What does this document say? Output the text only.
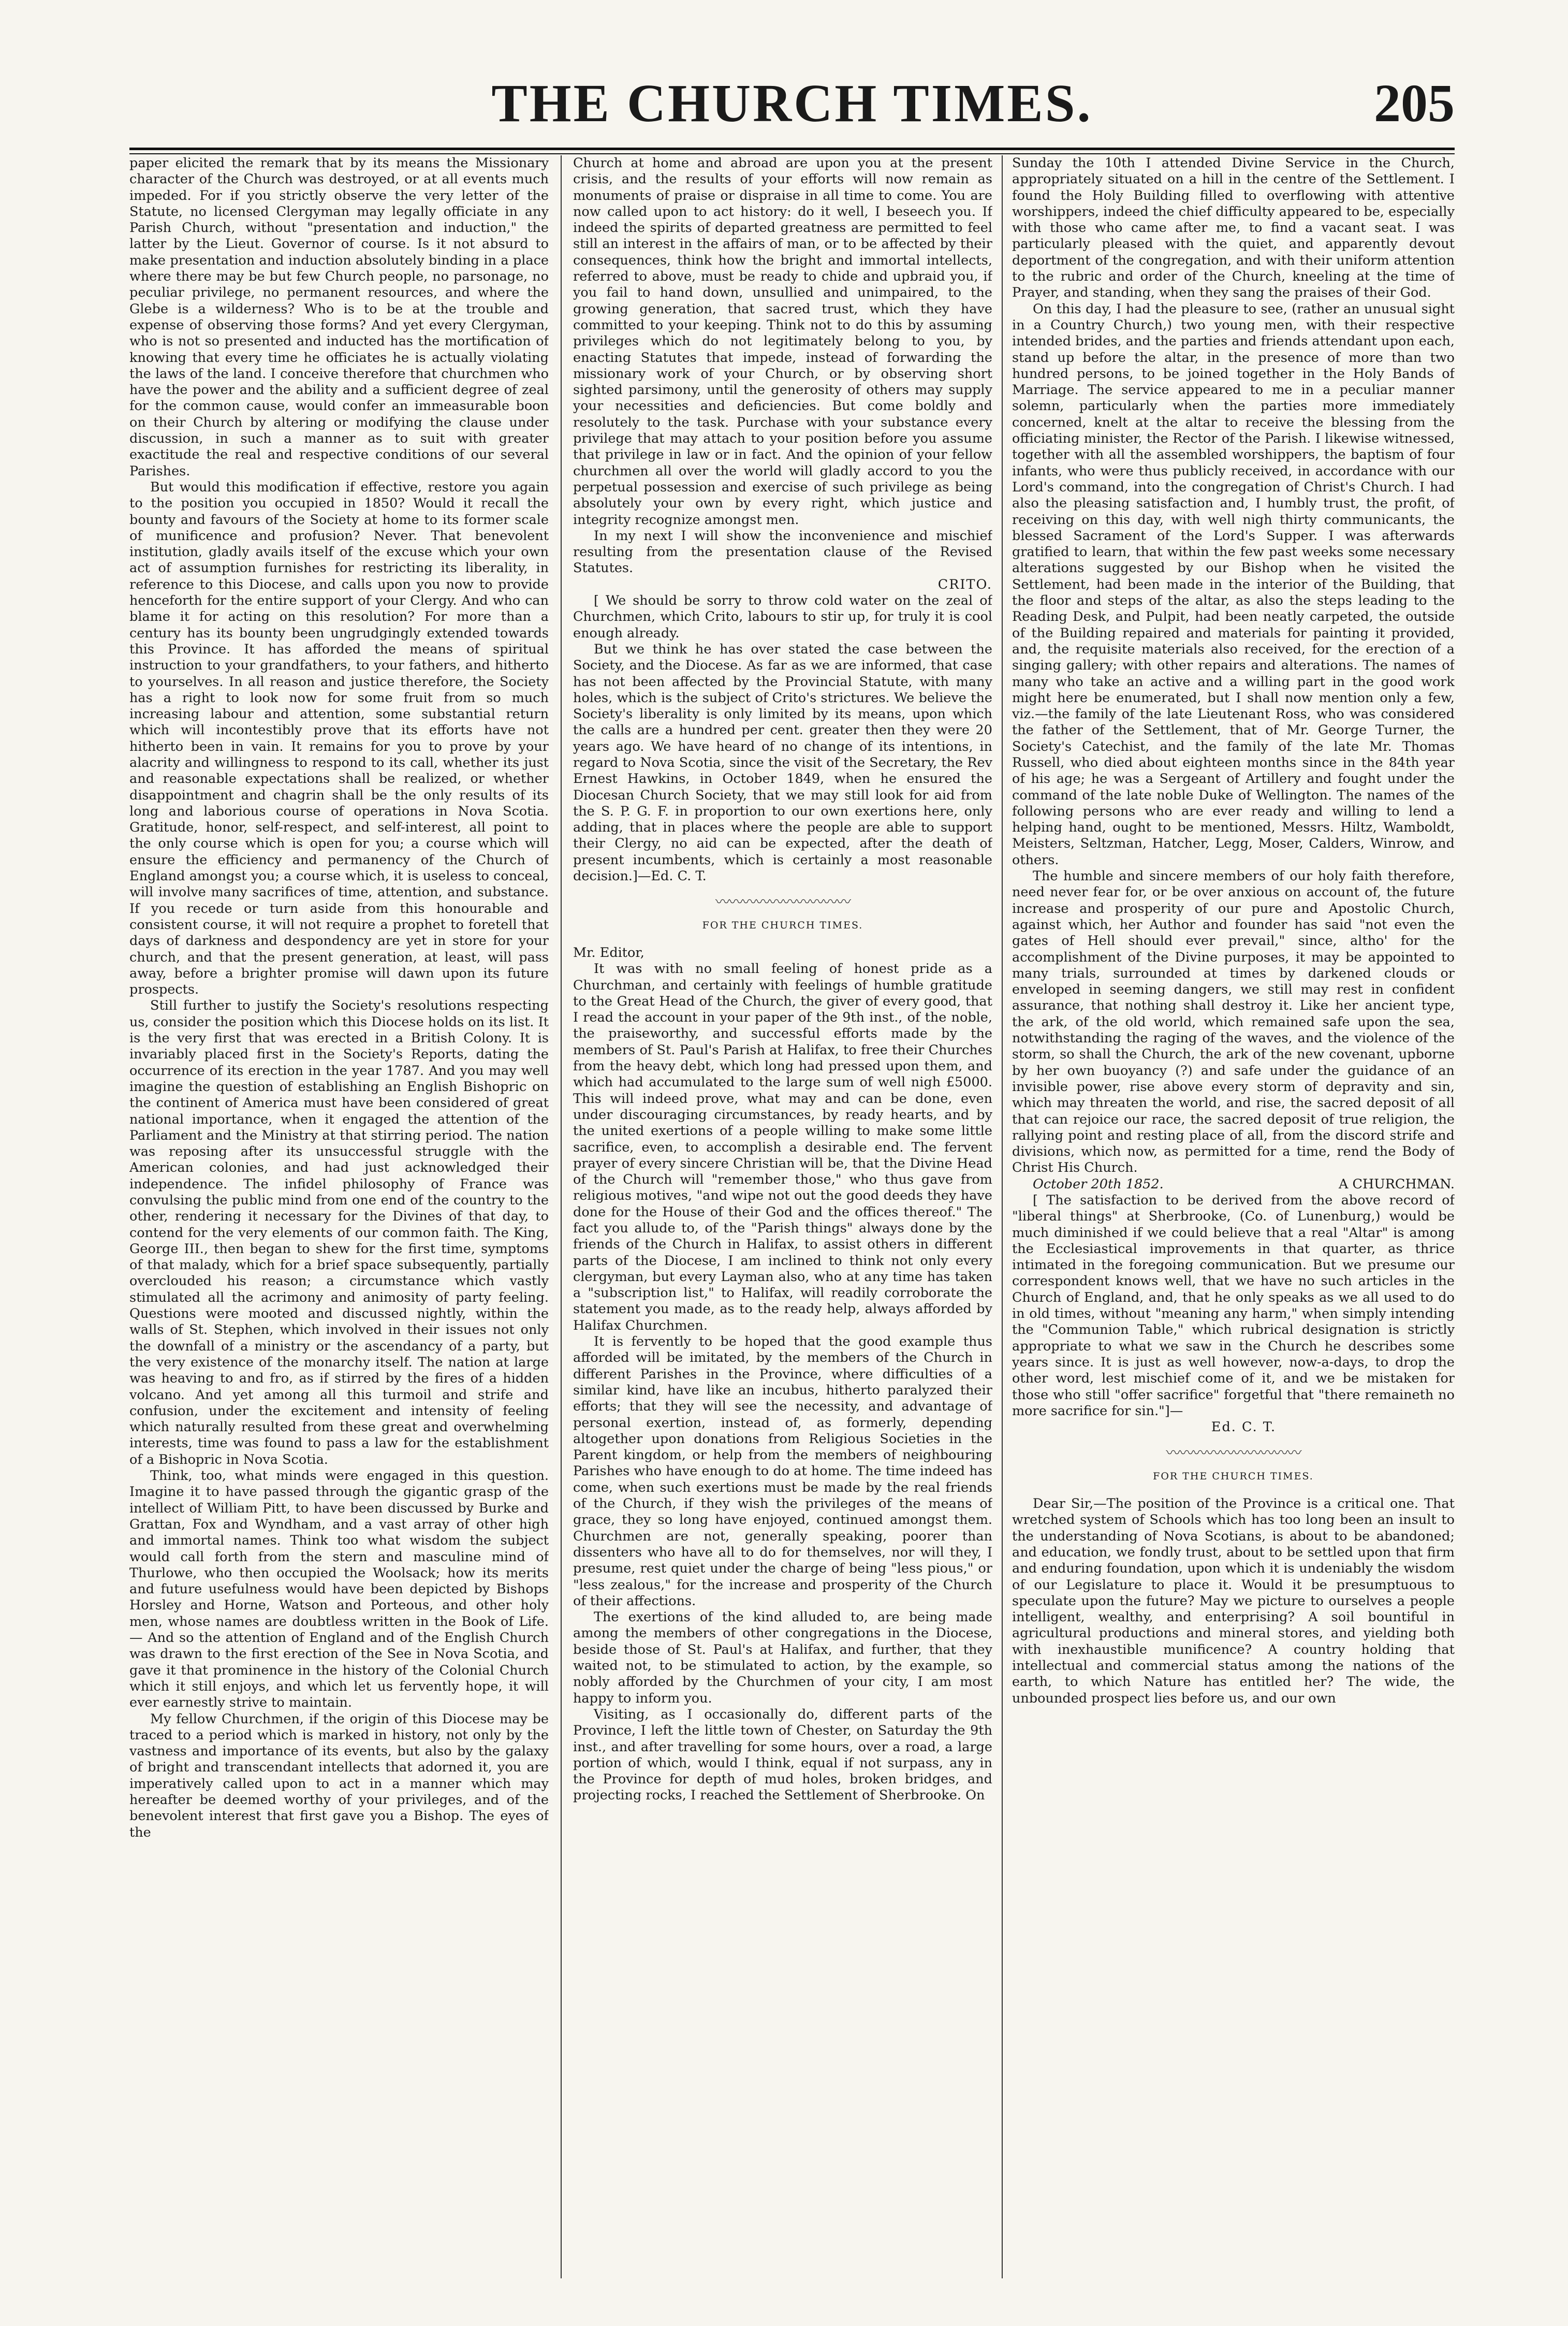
THE CHURCH TIMES.	205

paper elicited the remark that by its means the Missionary character of the Church was destroyed, or at all events much impeded. For if you strictly observe the very letter of the Statute, no licensed Clergyman may legally officiate in any Parish Church, without "presentation and induction," the latter by the Lieut. Governor of course. Is it not absurd to make presentation and induction absolutely binding in a place where there may be but few Church people, no parsonage, no peculiar privilege, no permanent resources, and where the Glebe is a wilderness? Who is to be at the trouble and expense of observing those forms? And yet every Clergyman, who is not so presented and inducted has the mortification of knowing that every time he officiates he is actually violating the laws of the land. I conceive therefore that churchmen who have the power and the ability and a sufficient degree of zeal for the common cause, would confer an immeasurable boon on their Church by altering or modifying the clause under discussion, in such a manner as to suit with greater exactitude the real and respective conditions of our several Parishes.

But would this modification if effective, restore you again to the position you occupied in 1850? Would it recall the bounty and favours of the Society at home to its former scale of munificence and profusion? Never. That benevolent institution, gladly avails itself of the excuse which your own act of assumption furnishes for restricting its liberality, in reference to this Diocese, and calls upon you now to provide henceforth for the entire support of your Clergy. And who can blame it for acting on this resolution? For more than a century has its bounty been ungrudgingly extended towards this Province. It has afforded the means of spiritual instruction to your grandfathers, to your fathers, and hitherto to yourselves. In all reason and justice therefore, the Society has a right to look now for some fruit from so much increasing labour and attention, some substantial return which will incontestibly prove that its efforts have not hitherto been in vain. It remains for you to prove by your alacrity and willingness to respond to its call, whether its just and reasonable expectations shall be realized, or whether disappointment and chagrin shall be the only results of its long and laborious course of operations in Nova Scotia. Gratitude, honor, self-respect, and self-interest, all point to the only course which is open for you; a course which will ensure the efficiency and permanency of the Church of England amongst you; a course which, it is useless to conceal, will involve many sacrifices of time, attention, and substance. If you recede or turn aside from this honourable and consistent course, it will not require a prophet to foretell that days of darkness and despondency are yet in store for your church, and that the present generation, at least, will pass away, before a brighter promise will dawn upon its future prospects.

Still further to justify the Society's resolutions respecting us, consider the position which this Diocese holds on its list. It is the very first that was erected in a British Colony. It is invariably placed first in the Society's Reports, dating the occurrence of its erection in the year 1787. And you may well imagine the question of establishing an English Bishopric on the continent of America must have been considered of great national importance, when it engaged the attention of the Parliament and the Ministry at that stirring period. The nation was reposing after its unsuccessful struggle with the American colonies, and had just acknowledged their independence. The infidel philosophy of France was convulsing the public mind from one end of the country to the other, rendering it necessary for the Divines of that day, to contend for the very elements of our common faith. The King, George III., then began to shew for the first time, symptoms of that malady, which for a brief space subsequently, partially overclouded his reason; a circumstance which vastly stimulated all the acrimony and animosity of party feeling. Questions were mooted and discussed nightly, within the walls of St. Stephen, which involved in their issues not only the downfall of a ministry or the ascendancy of a party, but the very existence of the monarchy itself. The nation at large was heaving to and fro, as if stirred by the fires of a hidden volcano. And yet among all this turmoil and strife and confusion, under the excitement and intensity of feeling which naturally resulted from these great and overwhelming interests, time was found to pass a law for the establishment of a Bishopric in Nova Scotia.

Think, too, what minds were engaged in this question. Imagine it to have passed through the gigantic grasp of the intellect of William Pitt, to have been discussed by Burke and Grattan, Fox and Wyndham, and a vast array of other high and immortal names. Think too what wisdom the subject would call forth from the stern and masculine mind of Thurlowe, who then occupied the Woolsack; how its merits and future usefulness would have been depicted by Bishops Horsley and Horne, Watson and Porteous, and other holy men, whose names are doubtless written in the Book of Life.— And so the attention of England and of the English Church was drawn to the first erection of the See in Nova Scotia, and gave it that prominence in the history of the Colonial Church which it still enjoys, and which let us fervently hope, it will ever earnestly strive to maintain.

My fellow Churchmen, if the origin of this Diocese may be traced to a period which is marked in history, not only by the vastness and importance of its events, but also by the galaxy of bright and transcendant intellects that adorned it, you are imperatively called upon to act in a manner which may hereafter be deemed worthy of your privileges, and of the benevolent interest that first gave you a Bishop. The eyes of the

Church at home and abroad are upon you at the present crisis, and the results of your efforts will now remain as monuments of praise or dispraise in all time to come. You are now called upon to act history: do it well, I beseech you. If indeed the spirits of departed greatness are permitted to feel still an interest in the affairs of man, or to be affected by their consequences, think how the bright and immortal intellects, referred to above, must be ready to chide and upbraid you, if you fail to hand down, unsullied and unimpaired, to the growing generation, that sacred trust, which they have committed to your keeping. Think not to do this by assuming privileges which do not legitimately belong to you, by enacting Statutes that impede, instead of forwarding the missionary work of your Church, or by observing short sighted parsimony, until the generosity of others may supply your necessities and deficiencies. But come boldly and resolutely to the task. Purchase with your substance every privilege that may attach to your position before you assume that privilege in law or in fact. And the opinion of your fellow churchmen all over the world will gladly accord to you the perpetual possession and exercise of such privilege as being absolutely your own by every right, which justice and integrity recognize amongst men.

In my next I will show the inconvenience and mischief resulting from the presentation clause of the Revised Statutes.

CRITO.

[ We should be sorry to throw cold water on the zeal of Churchmen, which Crito, labours to stir up, for truly it is cool enough already.

But we think he has over stated the case between the Society, and the Diocese. As far as we are informed, that case has not been affected by the Provincial Statute, with many holes, which is the subject of Crito's strictures. We believe the Society's liberality is only limited by its means, upon which the calls are a hundred per cent. greater then they were 20 years ago. We have heard of no change of its intentions, in regard to Nova Scotia, since the visit of the Secretary, the Rev Ernest Hawkins, in October 1849, when he ensured the Diocesan Church Society, that we may still look for aid from the S. P. G. F. in proportion to our own exertions here, only adding, that in places where the people are able to support their Clergy, no aid can be expected, after the death of present incumbents, which is certainly a most reasonable decision.]—Ed. C. T.

〰〰〰〰〰〰〰〰〰〰
FOR THE CHURCH TIMES.

Mr. Editor,

It was with no small feeling of honest pride as a Churchman, and certainly with feelings of humble gratitude to the Great Head of the Church, the giver of every good, that I read the account in your paper of the 9th inst., of the noble, the praiseworthy, and successful efforts made by the members of St. Paul's Parish at Halifax, to free their Churches from the heavy debt, which long had pressed upon them, and which had accumulated to the large sum of well nigh £5000. This will indeed prove, what may and can be done, even under discouraging circumstances, by ready hearts, and by the united exertions of a people willing to make some little sacrifice, even, to accomplish a desirable end. The fervent prayer of every sincere Christian will be, that the Divine Head of the Church will "remember those," who thus gave from religious motives, "and wipe not out the good deeds they have done for the House of their God and the offices thereof." The fact you allude to, of the "Parish things" always done by the friends of the Church in Halifax, to assist others in different parts of the Diocese, I am inclined to think not only every clergyman, but every Layman also, who at any time has taken a "subscription list," to Halifax, will readily corroborate the statement you made, as to the ready help, always afforded by Halifax Churchmen.

It is fervently to be hoped that the good example thus afforded will be imitated, by the members of the Church in different Parishes in the Province, where difficulties of a similar kind, have like an incubus, hitherto paralyzed their efforts; that they will see the necessity, and advantage of personal exertion, instead of, as formerly, depending altogether upon donations from Religious Societies in the Parent kingdom, or help from the members of neighbouring Parishes who have enough to do at home. The time indeed has come, when such exertions must be made by the real friends of the Church, if they wish the privileges of the means of grace, they so long have enjoyed, continued amongst them. Churchmen are not, generally speaking, poorer than dissenters who have all to do for themselves, nor will they, I presume, rest quiet under the charge of being "less pious," or "less zealous," for the increase and prosperity of the Church of their affections.

The exertions of the kind alluded to, are being made among the members of other congregations in the Diocese, beside those of St. Paul's at Halifax, and further, that they waited not, to be stimulated to action, by the example, so nobly afforded by the Churchmen of your city, I am most happy to inform you.

Visiting, as I occasionally do, different parts of the Province, I left the little town of Chester, on Saturday the 9th inst., and after travelling for some hours, over a road, a large portion of which, would I think, equal if not surpass, any in the Province for depth of mud holes, broken bridges, and projecting rocks, I reached the Settlement of Sherbrooke. On

Sunday the 10th I attended Divine Service in the Church, appropriately situated on a hill in the centre of the Settlement. I found the Holy Building filled to overflowing with attentive worshippers, indeed the chief difficulty appeared to be, especially with those who came after me, to find a vacant seat. I was particularly pleased with the quiet, and apparently devout deportment of the congregation, and with their uniform attention to the rubric and order of the Church, kneeling at the time of Prayer, and standing, when they sang the praises of their God.

On this day, I had the pleasure to see, (rather an unusual sight in a Country Church,) two young men, with their respective intended brides, and the parties and friends attendant upon each, stand up before the altar, in the presence of more than two hundred persons, to be joined together in the Holy Bands of Marriage. The service appeared to me in a peculiar manner solemn, particularly when the parties more immediately concerned, knelt at the altar to receive the blessing from the officiating minister, the Rector of the Parish. I likewise witnessed, together with all the assembled worshippers, the baptism of four infants, who were thus publicly received, in accordance with our Lord's command, into the congregation of Christ's Church. I had also the pleasing satisfaction and, I humbly trust, the profit, of receiving on this day, with well nigh thirty communicants, the blessed Sacrament of the Lord's Supper. I was afterwards gratified to learn, that within the few past weeks some necessary alterations suggested by our Bishop when he visited the Settlement, had been made in the interior of the Building, that the floor and steps of the altar, as also the steps leading to the Reading Desk, and Pulpit, had been neatly carpeted, the outside of the Building repaired and materials for painting it provided, and, the requisite materials also received, for the erection of a singing gallery; with other repairs and alterations. The names of many who take an active and a willing part in the good work might here be enumerated, but I shall now mention only a few, viz.—the family of the late Lieutenant Ross, who was considered the father of the Settlement, that of Mr. George Turner, the Society's Catechist, and the family of the late Mr. Thomas Russell, who died about eighteen months since in the 84th year of his age; he was a Sergeant of Artillery and fought under the command of the late noble Duke of Wellington. The names of the following persons who are ever ready and willing to lend a helping hand, ought to be mentioned, Messrs. Hiltz, Wamboldt, Meisters, Seltzman, Hatcher, Legg, Moser, Calders, Winrow, and others.

The humble and sincere members of our holy faith therefore, need never fear for, or be over anxious on account of, the future increase and prosperity of our pure and Apostolic Church, against which, her Author and founder has said "not even the gates of Hell should ever prevail," since, altho' for the accomplishment of the Divine purposes, it may be appointed to many trials, surrounded at times by darkened clouds or enveloped in seeming dangers, we still may rest in confident assurance, that nothing shall destroy it. Like her ancient type, the ark, of the old world, which remained safe upon the sea, notwithstanding the raging of the waves, and the violence of the storm, so shall the Church, the ark of the new covenant, upborne by her own buoyancy (?) and safe under the guidance of an invisible power, rise above every storm of depravity and sin, which may threaten the world, and rise, the sacred deposit of all that can rejoice our race, the sacred deposit of true religion, the rallying point and resting place of all, from the discord strife and divisions, which now, as permitted for a time, rend the Body of Christ His Church.

October 20th 1852.	A CHURCHMAN.

[ The satisfaction to be derived from the above record of "liberal things" at Sherbrooke, (Co. of Lunenburg,) would be much diminished if we could believe that a real "Altar" is among the Ecclesiastical improvements in that quarter, as thrice intimated in the foregoing communication. But we presume our correspondent knows well, that we have no such articles in the Church of England, and, that he only speaks as we all used to do in old times, without "meaning any harm," when simply intending the "Communion Table," which rubrical designation is strictly appropriate to what we saw in the Church he describes some years since. It is just as well however, now-a-days, to drop the other word, lest mischief come of it, and we be mistaken for those who still "offer sacrifice" forgetful that "there remaineth no more sacrifice for sin."]—

Ed. C. T.

〰〰〰〰〰〰〰〰〰〰
FOR THE CHURCH TIMES.

Dear Sir,—The position of the Province is a critical one. That wretched system of Schools which has too long been an insult to the understanding of Nova Scotians, is about to be abandoned; and education, we fondly trust, about to be settled upon that firm and enduring foundation, upon which it is undeniably the wisdom of our Legislature to place it. Would it be presumptuous to speculate upon the future? May we picture to ourselves a people intelligent, wealthy, and enterprising? A soil bountiful in agricultural productions and mineral stores, and yielding both with inexhaustible munificence? A country holding that intellectual and commercial status among the nations of the earth, to which Nature has entitled her? The wide, the unbounded prospect lies before us, and our own
